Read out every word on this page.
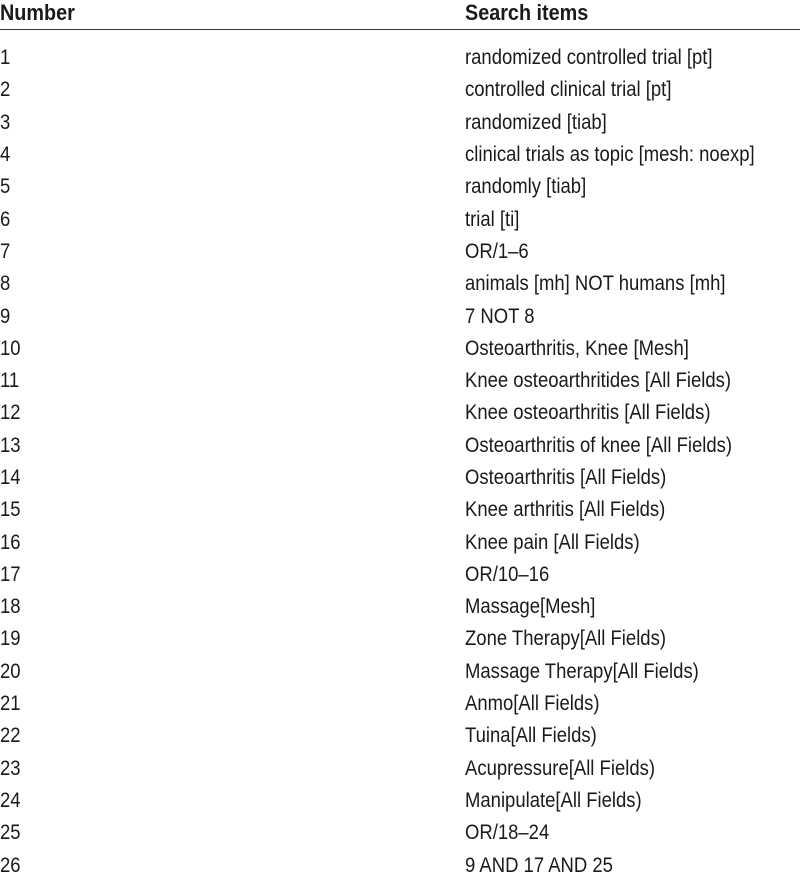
Number	Search items
1	randomized controlled trial [pt]
2	controlled clinical trial [pt]
3	randomized [tiab]
4	clinical trials as topic [mesh: noexp]
5	randomly [tiab]
6	trial [ti]
7	OR/1–6
8	animals [mh] NOT humans [mh]
9	7 NOT 8
10	Osteoarthritis, Knee [Mesh]
11	Knee osteoarthritides [All Fields)
12	Knee osteoarthritis [All Fields)
13	Osteoarthritis of knee [All Fields)
14	Osteoarthritis [All Fields)
15	Knee arthritis [All Fields)
16	Knee pain [All Fields)
17	OR/10–16
18	Massage[Mesh]
19	Zone Therapy[All Fields)
20	Massage Therapy[All Fields)
21	Anmo[All Fields)
22	Tuina[All Fields)
23	Acupressure[All Fields)
24	Manipulate[All Fields)
25	OR/18–24
26	9 AND 17 AND 25
